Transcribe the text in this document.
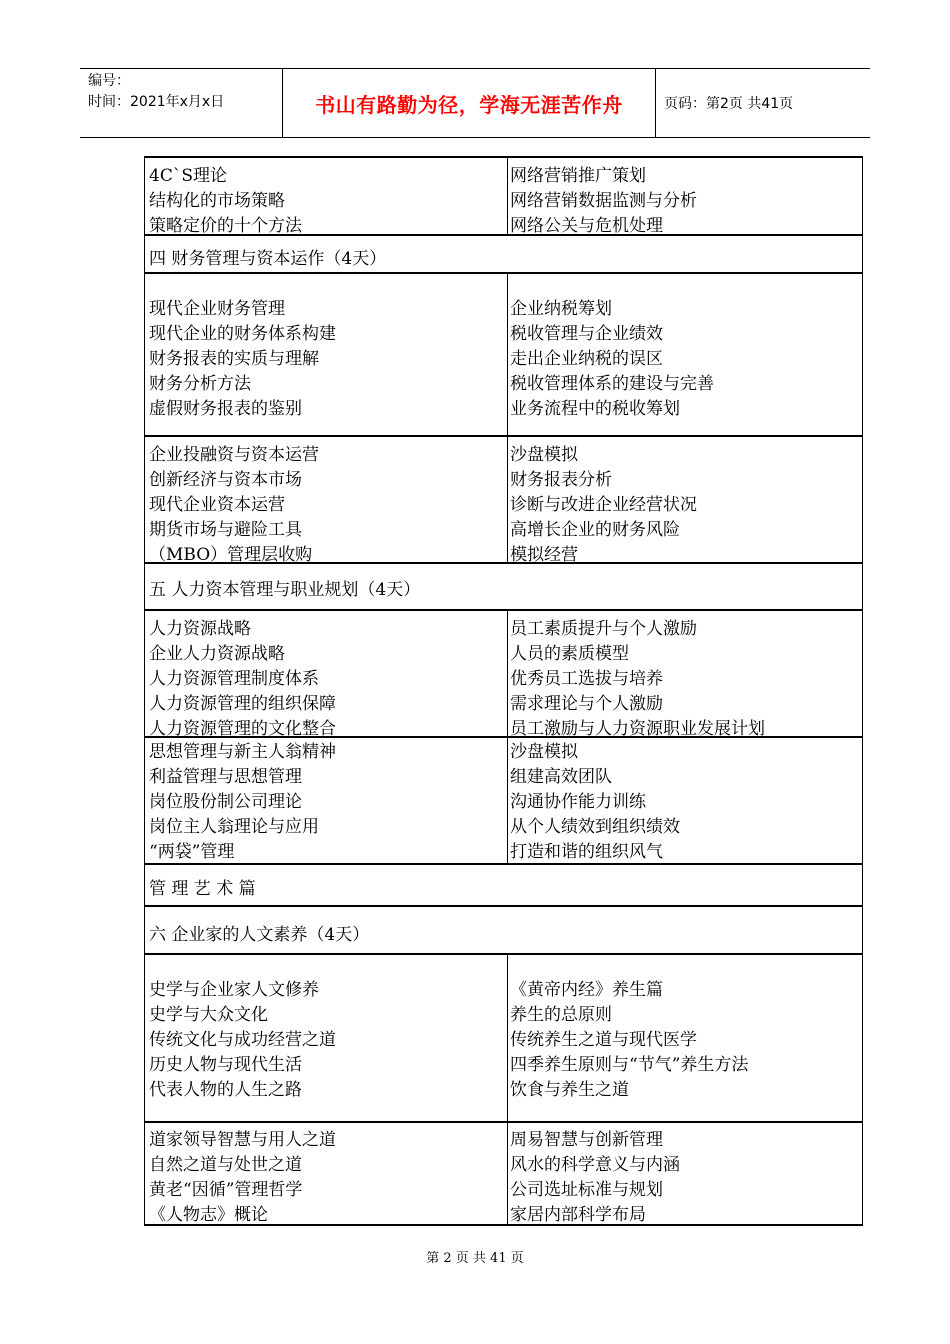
编号：
时间：2021年x月x日	书山有路勤为径，学海无涯苦作舟	页码：第2页 共41页
4C`S理论
结构化的市场策略
策略定价的十个方法
网络营销推广策划
网络营销数据监测与分析
网络公关与危机处理
四 财务管理与资本运作（4天）
现代企业财务管理
现代企业的财务体系构建
财务报表的实质与理解
财务分析方法
虚假财务报表的鉴别
企业纳税筹划
税收管理与企业绩效
走出企业纳税的误区
税收管理体系的建设与完善
业务流程中的税收筹划
企业投融资与资本运营
创新经济与资本市场
现代企业资本运营
期货市场与避险工具
（MBO）管理层收购
沙盘模拟
财务报表分析
诊断与改进企业经营状况
高增长企业的财务风险
模拟经营
五 人力资本管理与职业规划（4天）
人力资源战略
企业人力资源战略
人力资源管理制度体系
人力资源管理的组织保障
人力资源管理的文化整合
员工素质提升与个人激励
人员的素质模型
优秀员工选拔与培养
需求理论与个人激励
员工激励与人力资源职业发展计划
思想管理与新主人翁精神
利益管理与思想管理
岗位股份制公司理论
岗位主人翁理论与应用
“两袋”管理
沙盘模拟
组建高效团队
沟通协作能力训练
从个人绩效到组织绩效
打造和谐的组织风气
管 理 艺 术 篇
六 企业家的人文素养（4天）
史学与企业家人文修养
史学与大众文化
传统文化与成功经营之道
历史人物与现代生活
代表人物的人生之路
《黄帝内经》养生篇
养生的总原则
传统养生之道与现代医学
四季养生原则与“节气”养生方法
饮食与养生之道
道家领导智慧与用人之道
自然之道与处世之道
黄老“因循”管理哲学
《人物志》概论
周易智慧与创新管理
风水的科学意义与内涵
公司选址标准与规划
家居内部科学布局
第 2 页 共 41 页
